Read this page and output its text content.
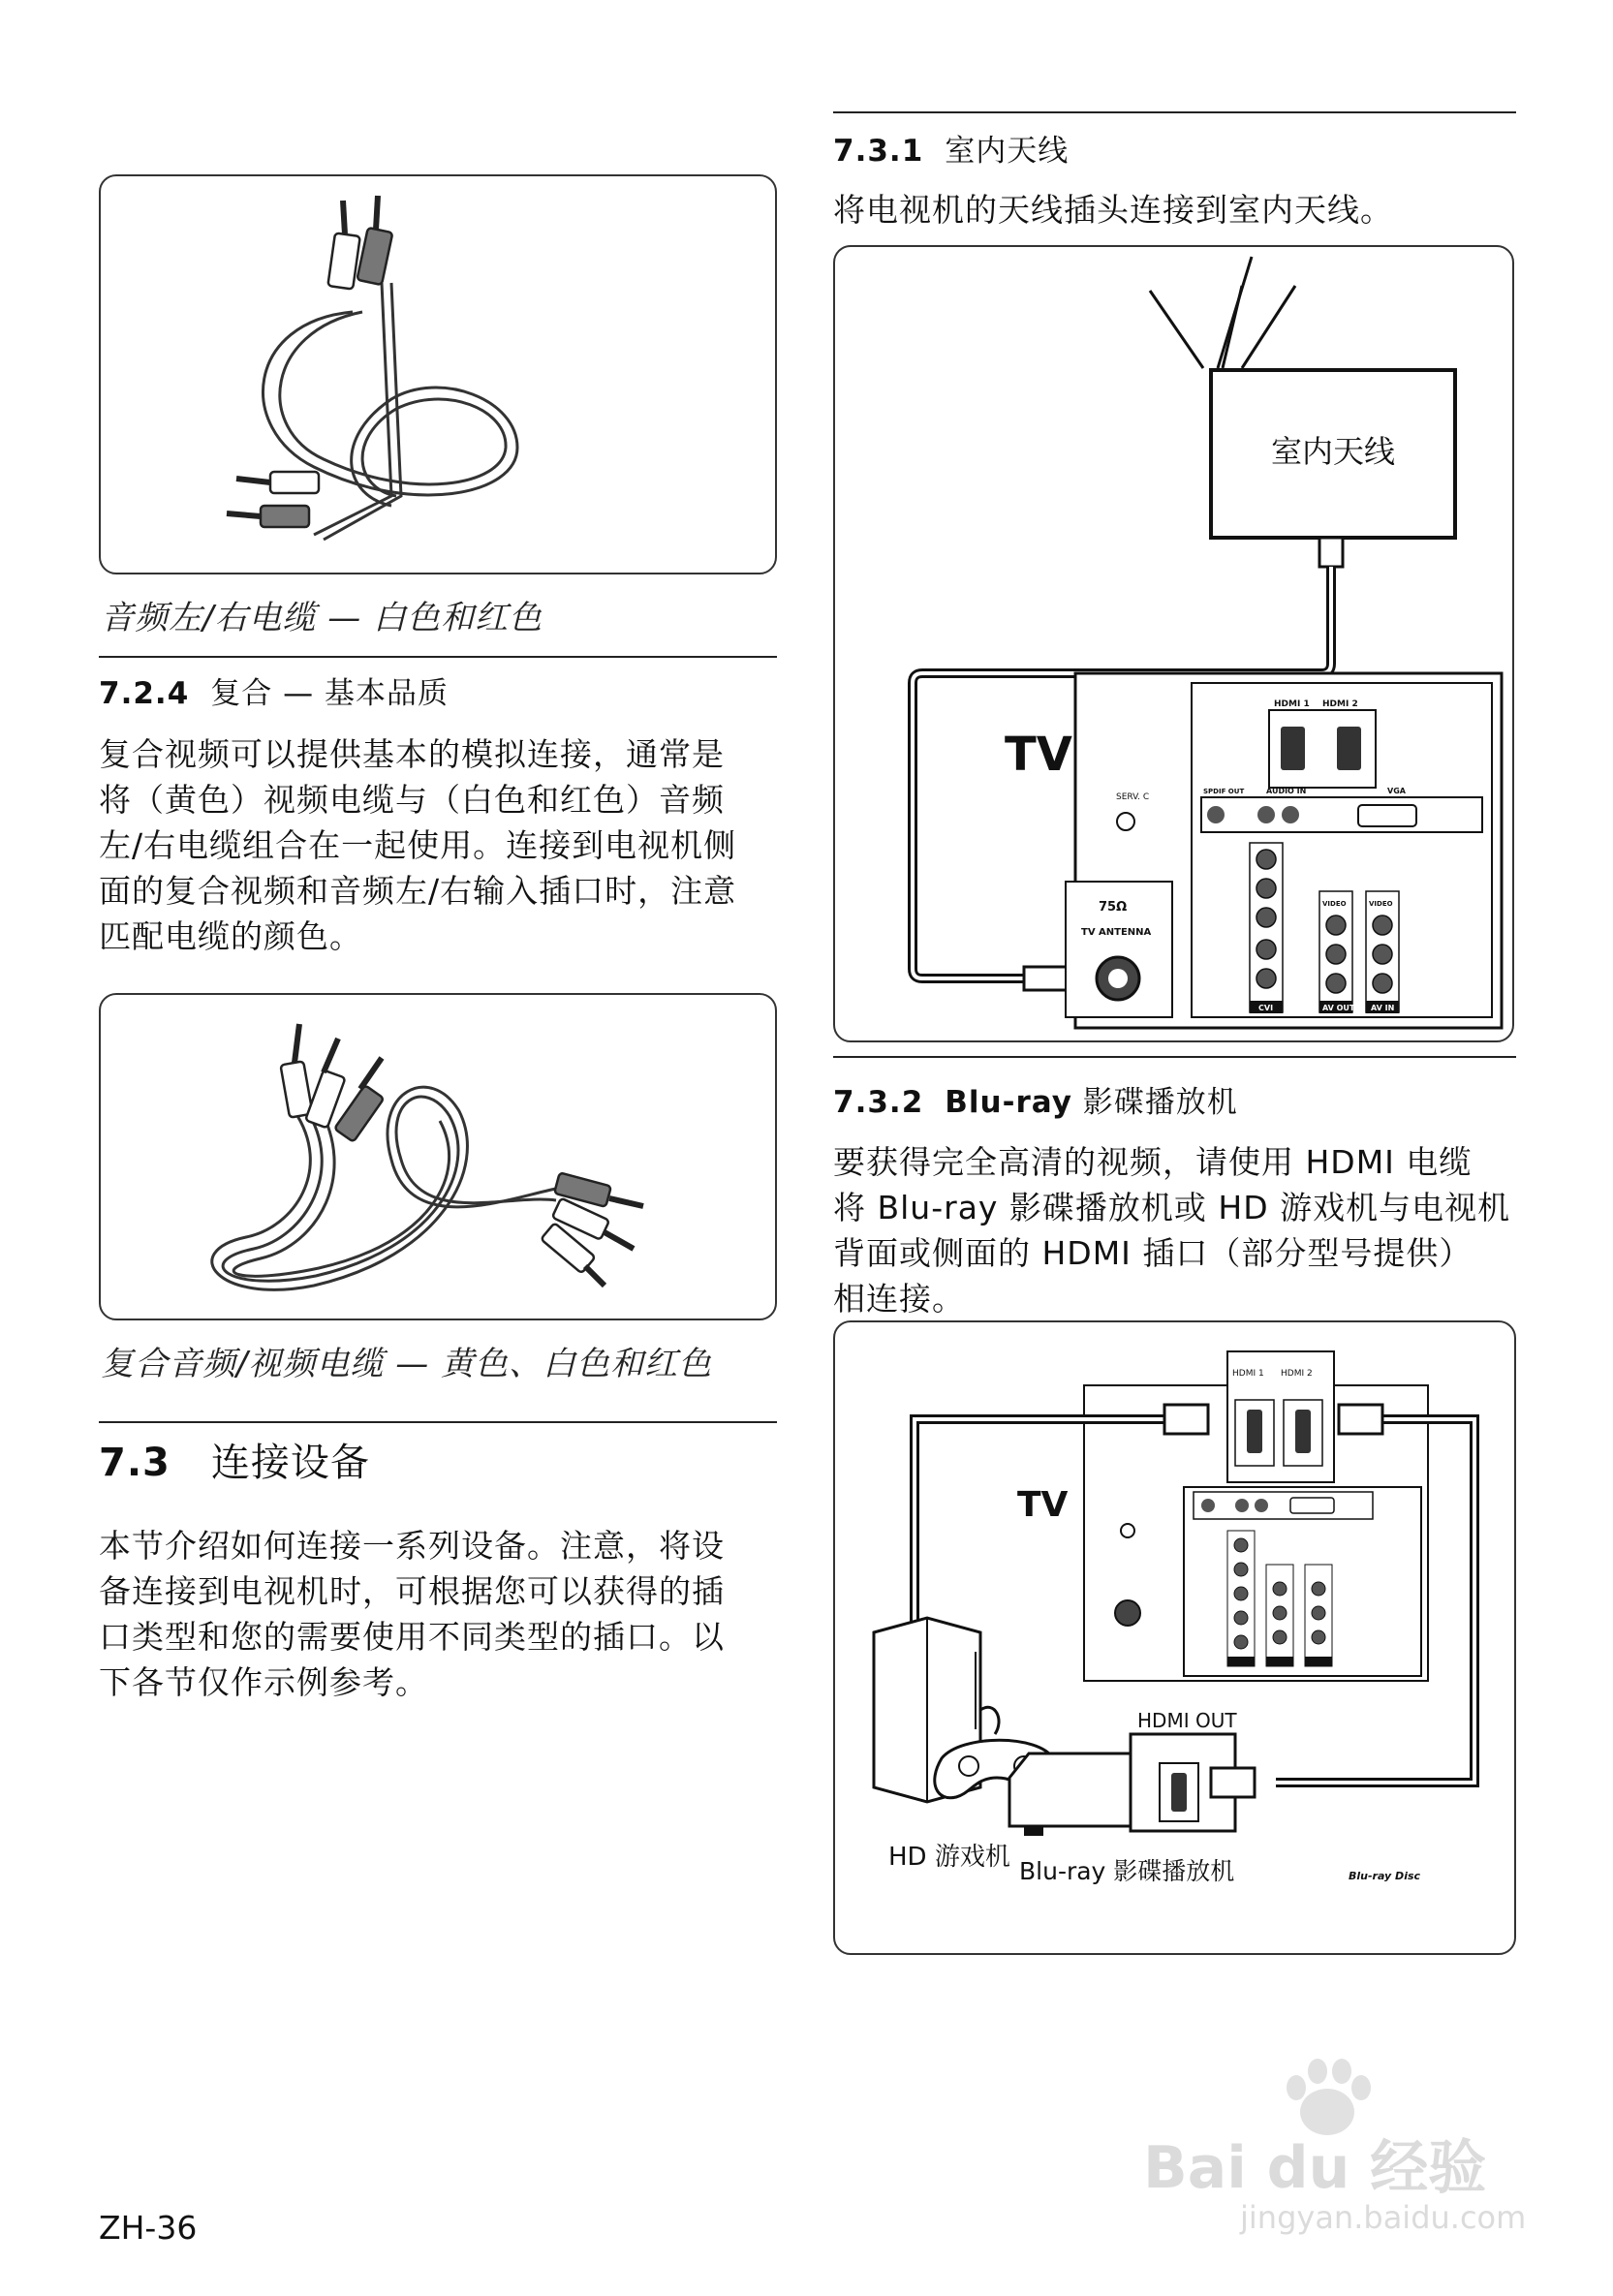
音频左/右电缆 — 白色和红色
7.2.4 复合 — 基本品质
复合视频可以提供基本的模拟连接，通常是
将（黄色）视频电缆与（白色和红色）音频
左/右电缆组合在一起使用。连接到电视机侧
面的复合视频和音频左/右输入插口时，注意
匹配电缆的颜色。
复合音频/视频电缆 — 黄色、白色和红色
7.3 连接设备
本节介绍如何连接一系列设备。注意，将设
备连接到电视机时，可根据您可以获得的插
口类型和您的需要使用不同类型的插口。以
下各节仅作示例参考。
7.3.1 室内天线
将电视机的天线插头连接到室内天线。
室内天线
TV
SERV. C
75Ω
TV ANTENNA
HDMI 1 HDMI 2
SPDIF OUT	AUDIO IN	VGA
VIDEO	VIDEO
CVI	AV OUT AV IN
7.3.2 Blu-ray 影碟播放机
要获得完全高清的视频，请使用 HDMI 电缆
将 Blu-ray 影碟播放机或 HD 游戏机与电视机
背面或侧面的 HDMI 插口（部分型号提供）
相连接。
TV
HDMI 1 HDMI 2
HD 游戏机
HDMI OUT
Blu-ray 影碟播放机	Blu-ray Disc
ZH-36
Bai du 经验
jingyan.baidu.com
